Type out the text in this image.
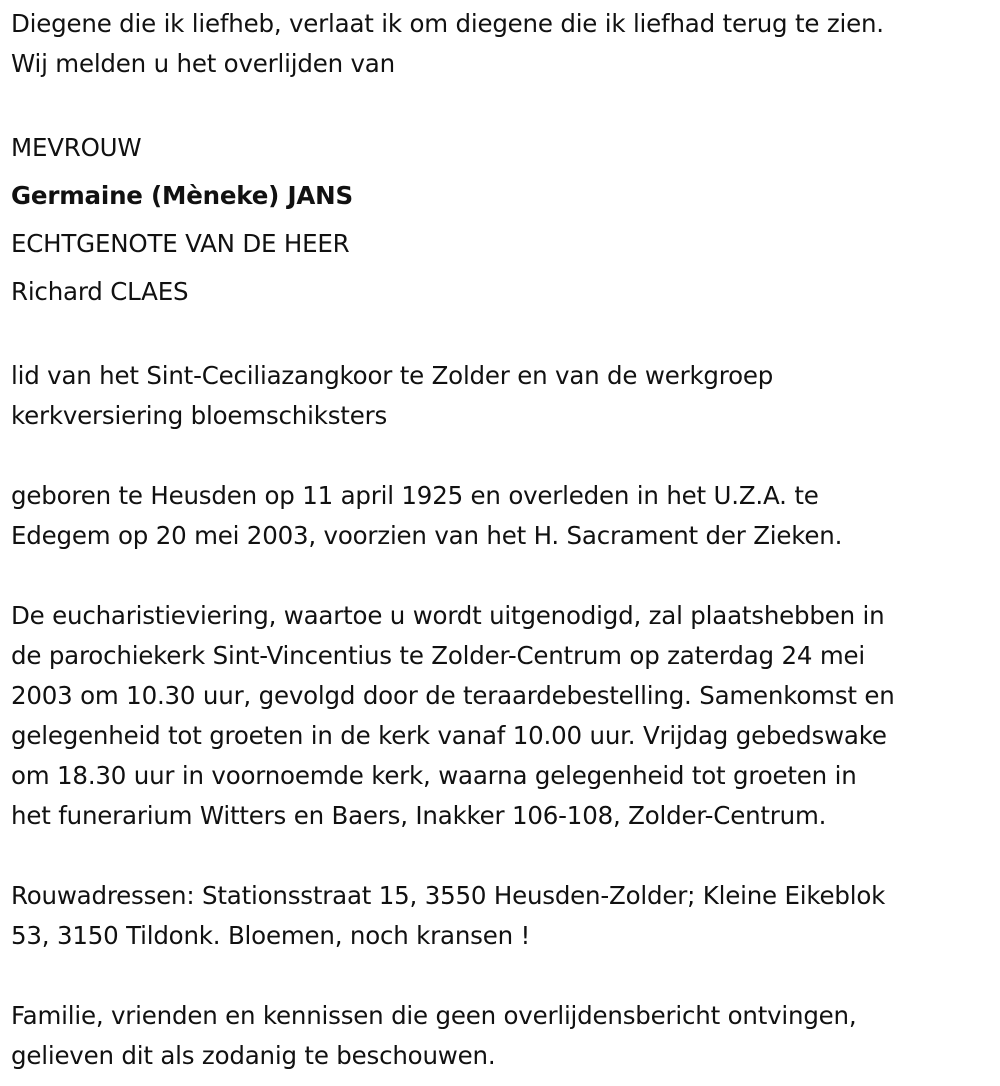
Diegene die ik liefheb, verlaat ik om diegene die ik liefhad terug te zien.

Wij melden u het overlijden van

MEVROUW

Germaine (Mèneke) JANS

ECHTGENOTE VAN DE HEER

Richard CLAES

lid van het Sint-Ceciliazangkoor te Zolder en van de werkgroep

kerkversiering bloemschiksters

geboren te Heusden op 11 april 1925 en overleden in het U.Z.A. te

Edegem op 20 mei 2003, voorzien van het H. Sacrament der Zieken.

De eucharistieviering, waartoe u wordt uitgenodigd, zal plaatshebben in

de parochiekerk Sint-Vincentius te Zolder-Centrum op zaterdag 24 mei

2003 om 10.30 uur, gevolgd door de teraardebestelling. Samenkomst en

gelegenheid tot groeten in de kerk vanaf 10.00 uur. Vrijdag gebedswake

om 18.30 uur in voornoemde kerk, waarna gelegenheid tot groeten in

het funerarium Witters en Baers, Inakker 106-108, Zolder-Centrum.

Rouwadressen: Stationsstraat 15, 3550 Heusden-Zolder; Kleine Eikeblok

53, 3150 Tildonk. Bloemen, noch kransen !

Familie, vrienden en kennissen die geen overlijdensbericht ontvingen,

gelieven dit als zodanig te beschouwen.
